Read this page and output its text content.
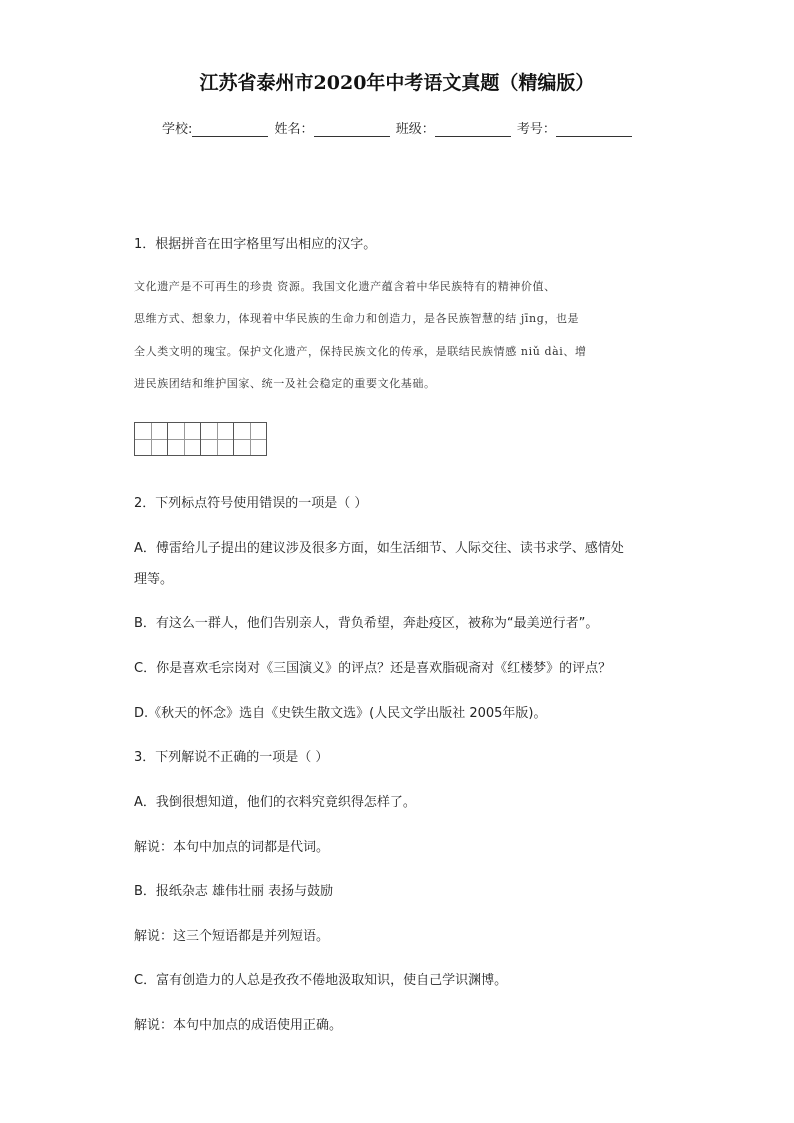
江苏省泰州市2020年中考语文真题（精编版）
学校:	姓名：	班级：	考号：
1．根据拼音在田字格里写出相应的汉字。
文化遗产是不可再生的珍贵 资源。我国文化遗产蕴含着中华民族特有的精神价值、
思维方式、想象力，体现着中华民族的生命力和创造力，是各民族智慧的结 jīng，也是
全人类文明的瑰宝。保护文化遗产，保持民族文化的传承，是联结民族情感 niǔ dài、增
进民族团结和维护国家、统一及社会稳定的重要文化基础。
2．下列标点符号使用错误的一项是（ ）
A．傅雷给儿子提出的建议涉及很多方面，如生活细节、人际交往、读书求学、感情处
理等。
B．有这么一群人，他们告别亲人，背负希望，奔赴疫区，被称为“最美逆行者”。
C．你是喜欢毛宗岗对《三国演义》的评点？还是喜欢脂砚斋对《红楼梦》的评点？
D.《秋天的怀念》选自《史铁生散文选》(人民文学出版社 2005年版)。
3．下列解说不正确的一项是（ ）
A．我倒很想知道，他们的衣料究竟织得怎样了。
解说：本句中加点的词都是代词。
B．报纸杂志 雄伟壮丽 表扬与鼓励
解说：这三个短语都是并列短语。
C．富有创造力的人总是孜孜不倦地汲取知识，使自己学识渊博。
解说：本句中加点的成语使用正确。
